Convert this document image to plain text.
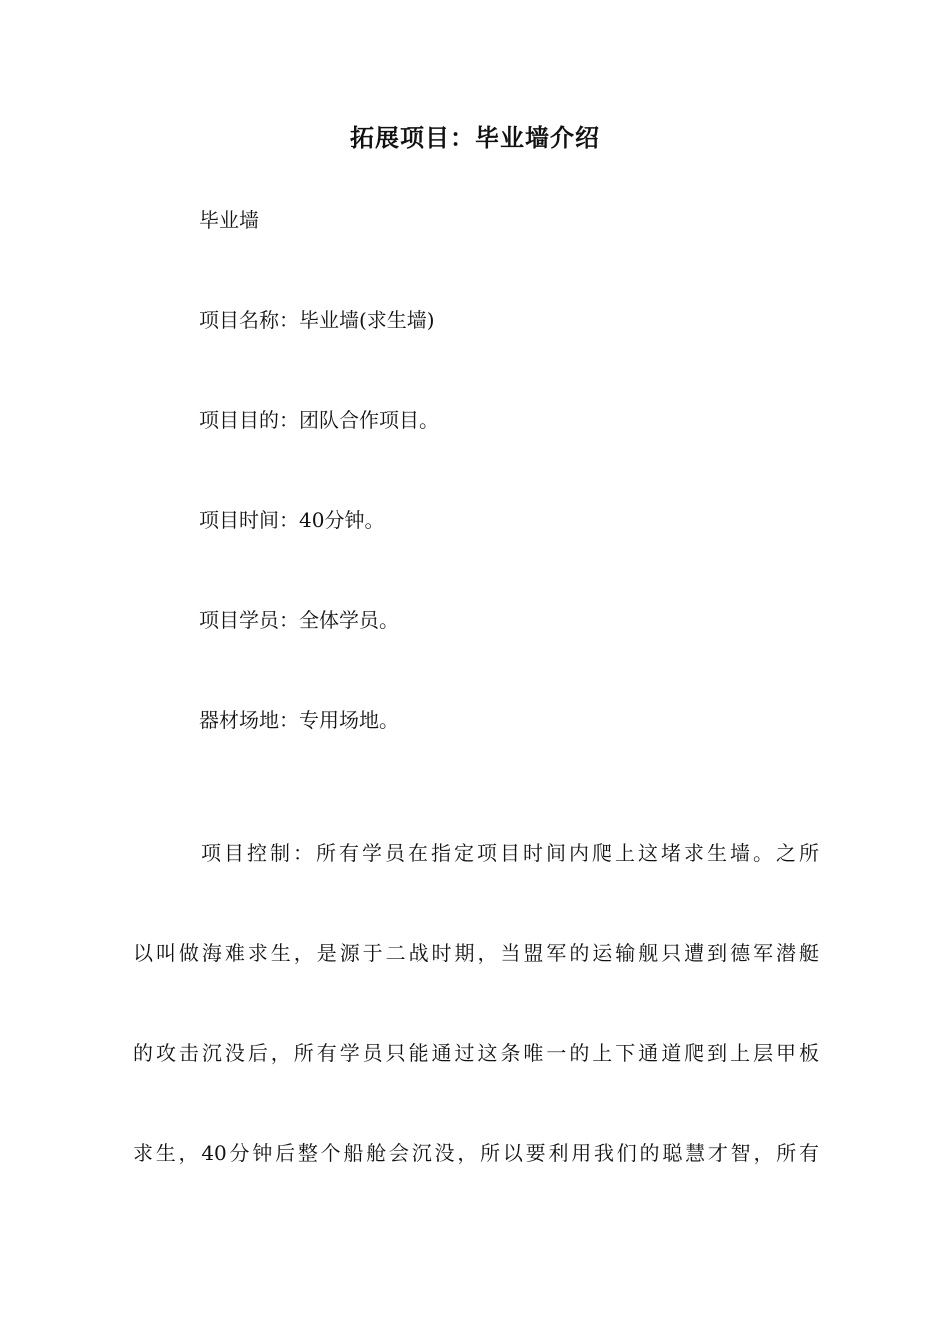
拓展项目：毕业墙介绍
毕业墙
项目名称：毕业墙(求生墙)
项目目的：团队合作项目。
项目时间：40分钟。
项目学员：全体学员。
器材场地：专用场地。
项目控制：所有学员在指定项目时间内爬上这堵求生墙。之所
以叫做海难求生，是源于二战时期，当盟军的运输舰只遭到德军潜艇
的攻击沉没后，所有学员只能通过这条唯一的上下通道爬到上层甲板
求生，40分钟后整个船舱会沉没，所以要利用我们的聪慧才智，所有
